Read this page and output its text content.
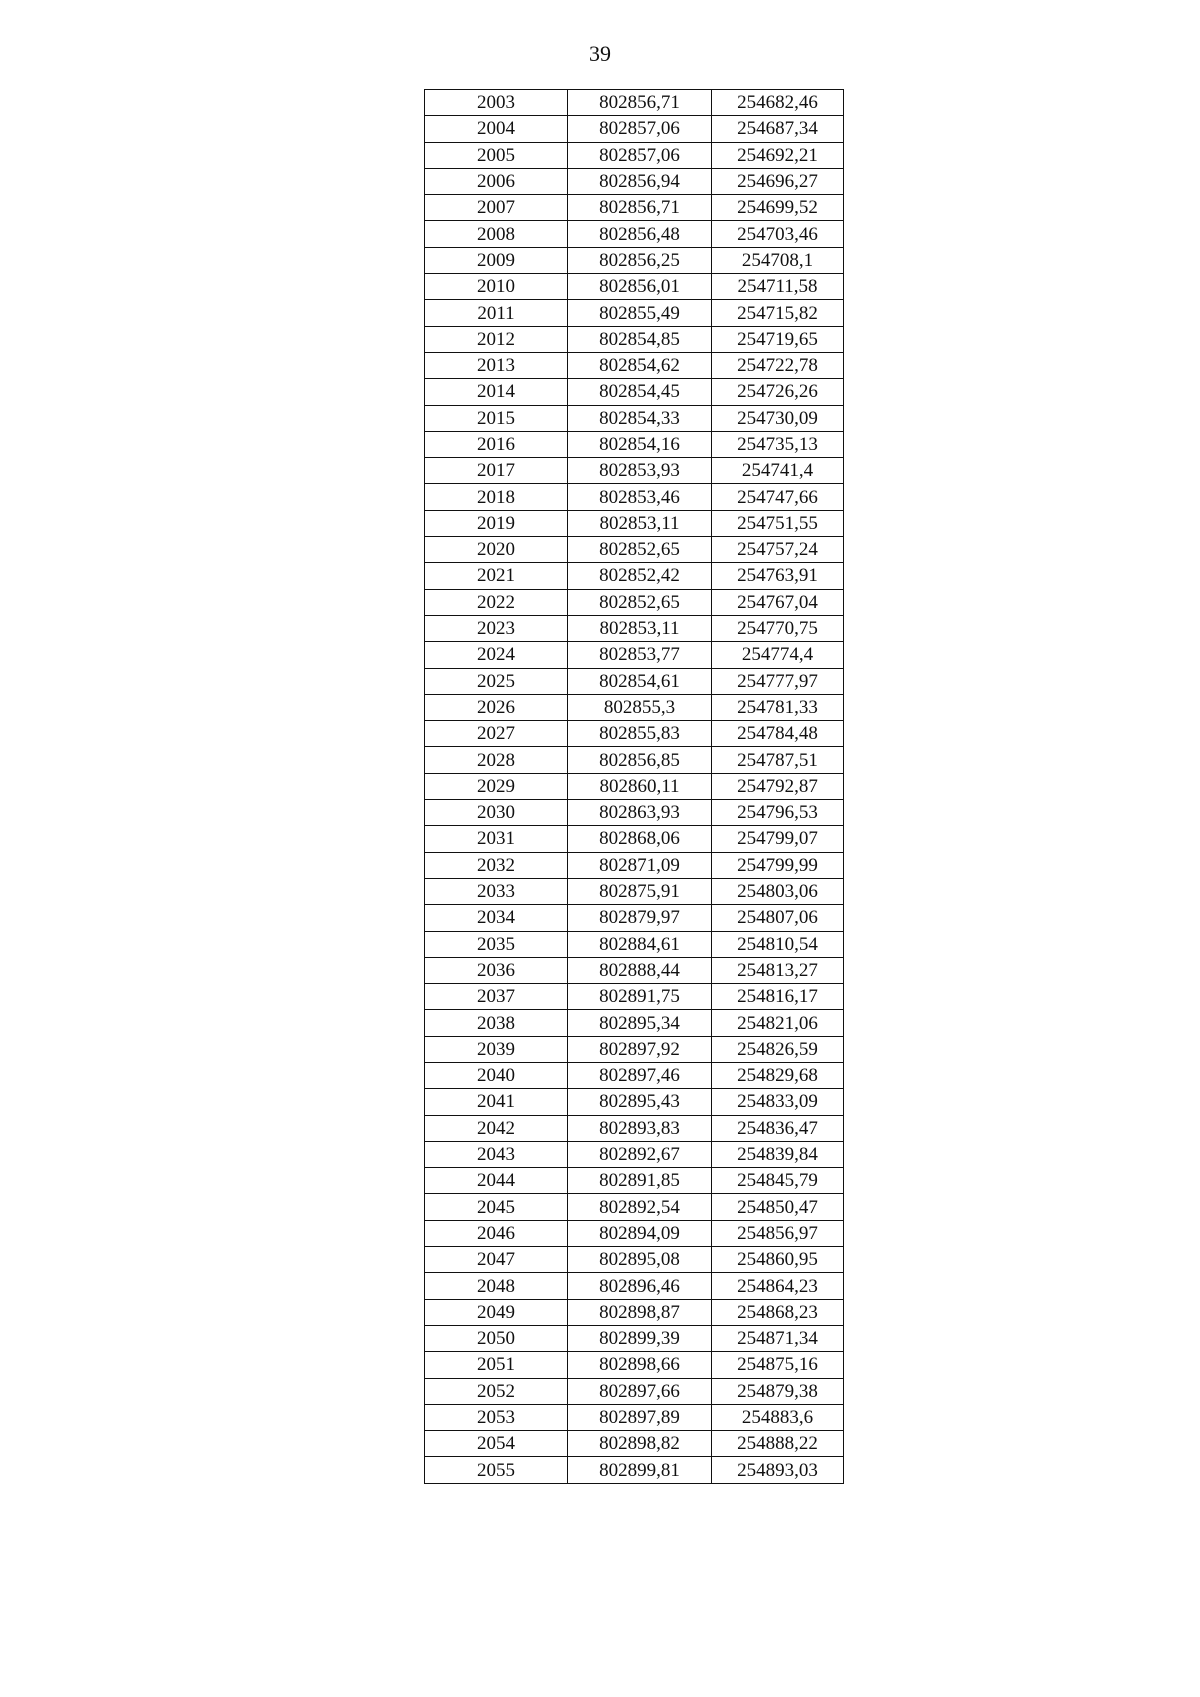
39
2003	802856,71	254682,46
2004	802857,06	254687,34
2005	802857,06	254692,21
2006	802856,94	254696,27
2007	802856,71	254699,52
2008	802856,48	254703,46
2009	802856,25	254708,1
2010	802856,01	254711,58
2011	802855,49	254715,82
2012	802854,85	254719,65
2013	802854,62	254722,78
2014	802854,45	254726,26
2015	802854,33	254730,09
2016	802854,16	254735,13
2017	802853,93	254741,4
2018	802853,46	254747,66
2019	802853,11	254751,55
2020	802852,65	254757,24
2021	802852,42	254763,91
2022	802852,65	254767,04
2023	802853,11	254770,75
2024	802853,77	254774,4
2025	802854,61	254777,97
2026	802855,3	254781,33
2027	802855,83	254784,48
2028	802856,85	254787,51
2029	802860,11	254792,87
2030	802863,93	254796,53
2031	802868,06	254799,07
2032	802871,09	254799,99
2033	802875,91	254803,06
2034	802879,97	254807,06
2035	802884,61	254810,54
2036	802888,44	254813,27
2037	802891,75	254816,17
2038	802895,34	254821,06
2039	802897,92	254826,59
2040	802897,46	254829,68
2041	802895,43	254833,09
2042	802893,83	254836,47
2043	802892,67	254839,84
2044	802891,85	254845,79
2045	802892,54	254850,47
2046	802894,09	254856,97
2047	802895,08	254860,95
2048	802896,46	254864,23
2049	802898,87	254868,23
2050	802899,39	254871,34
2051	802898,66	254875,16
2052	802897,66	254879,38
2053	802897,89	254883,6
2054	802898,82	254888,22
2055	802899,81	254893,03
